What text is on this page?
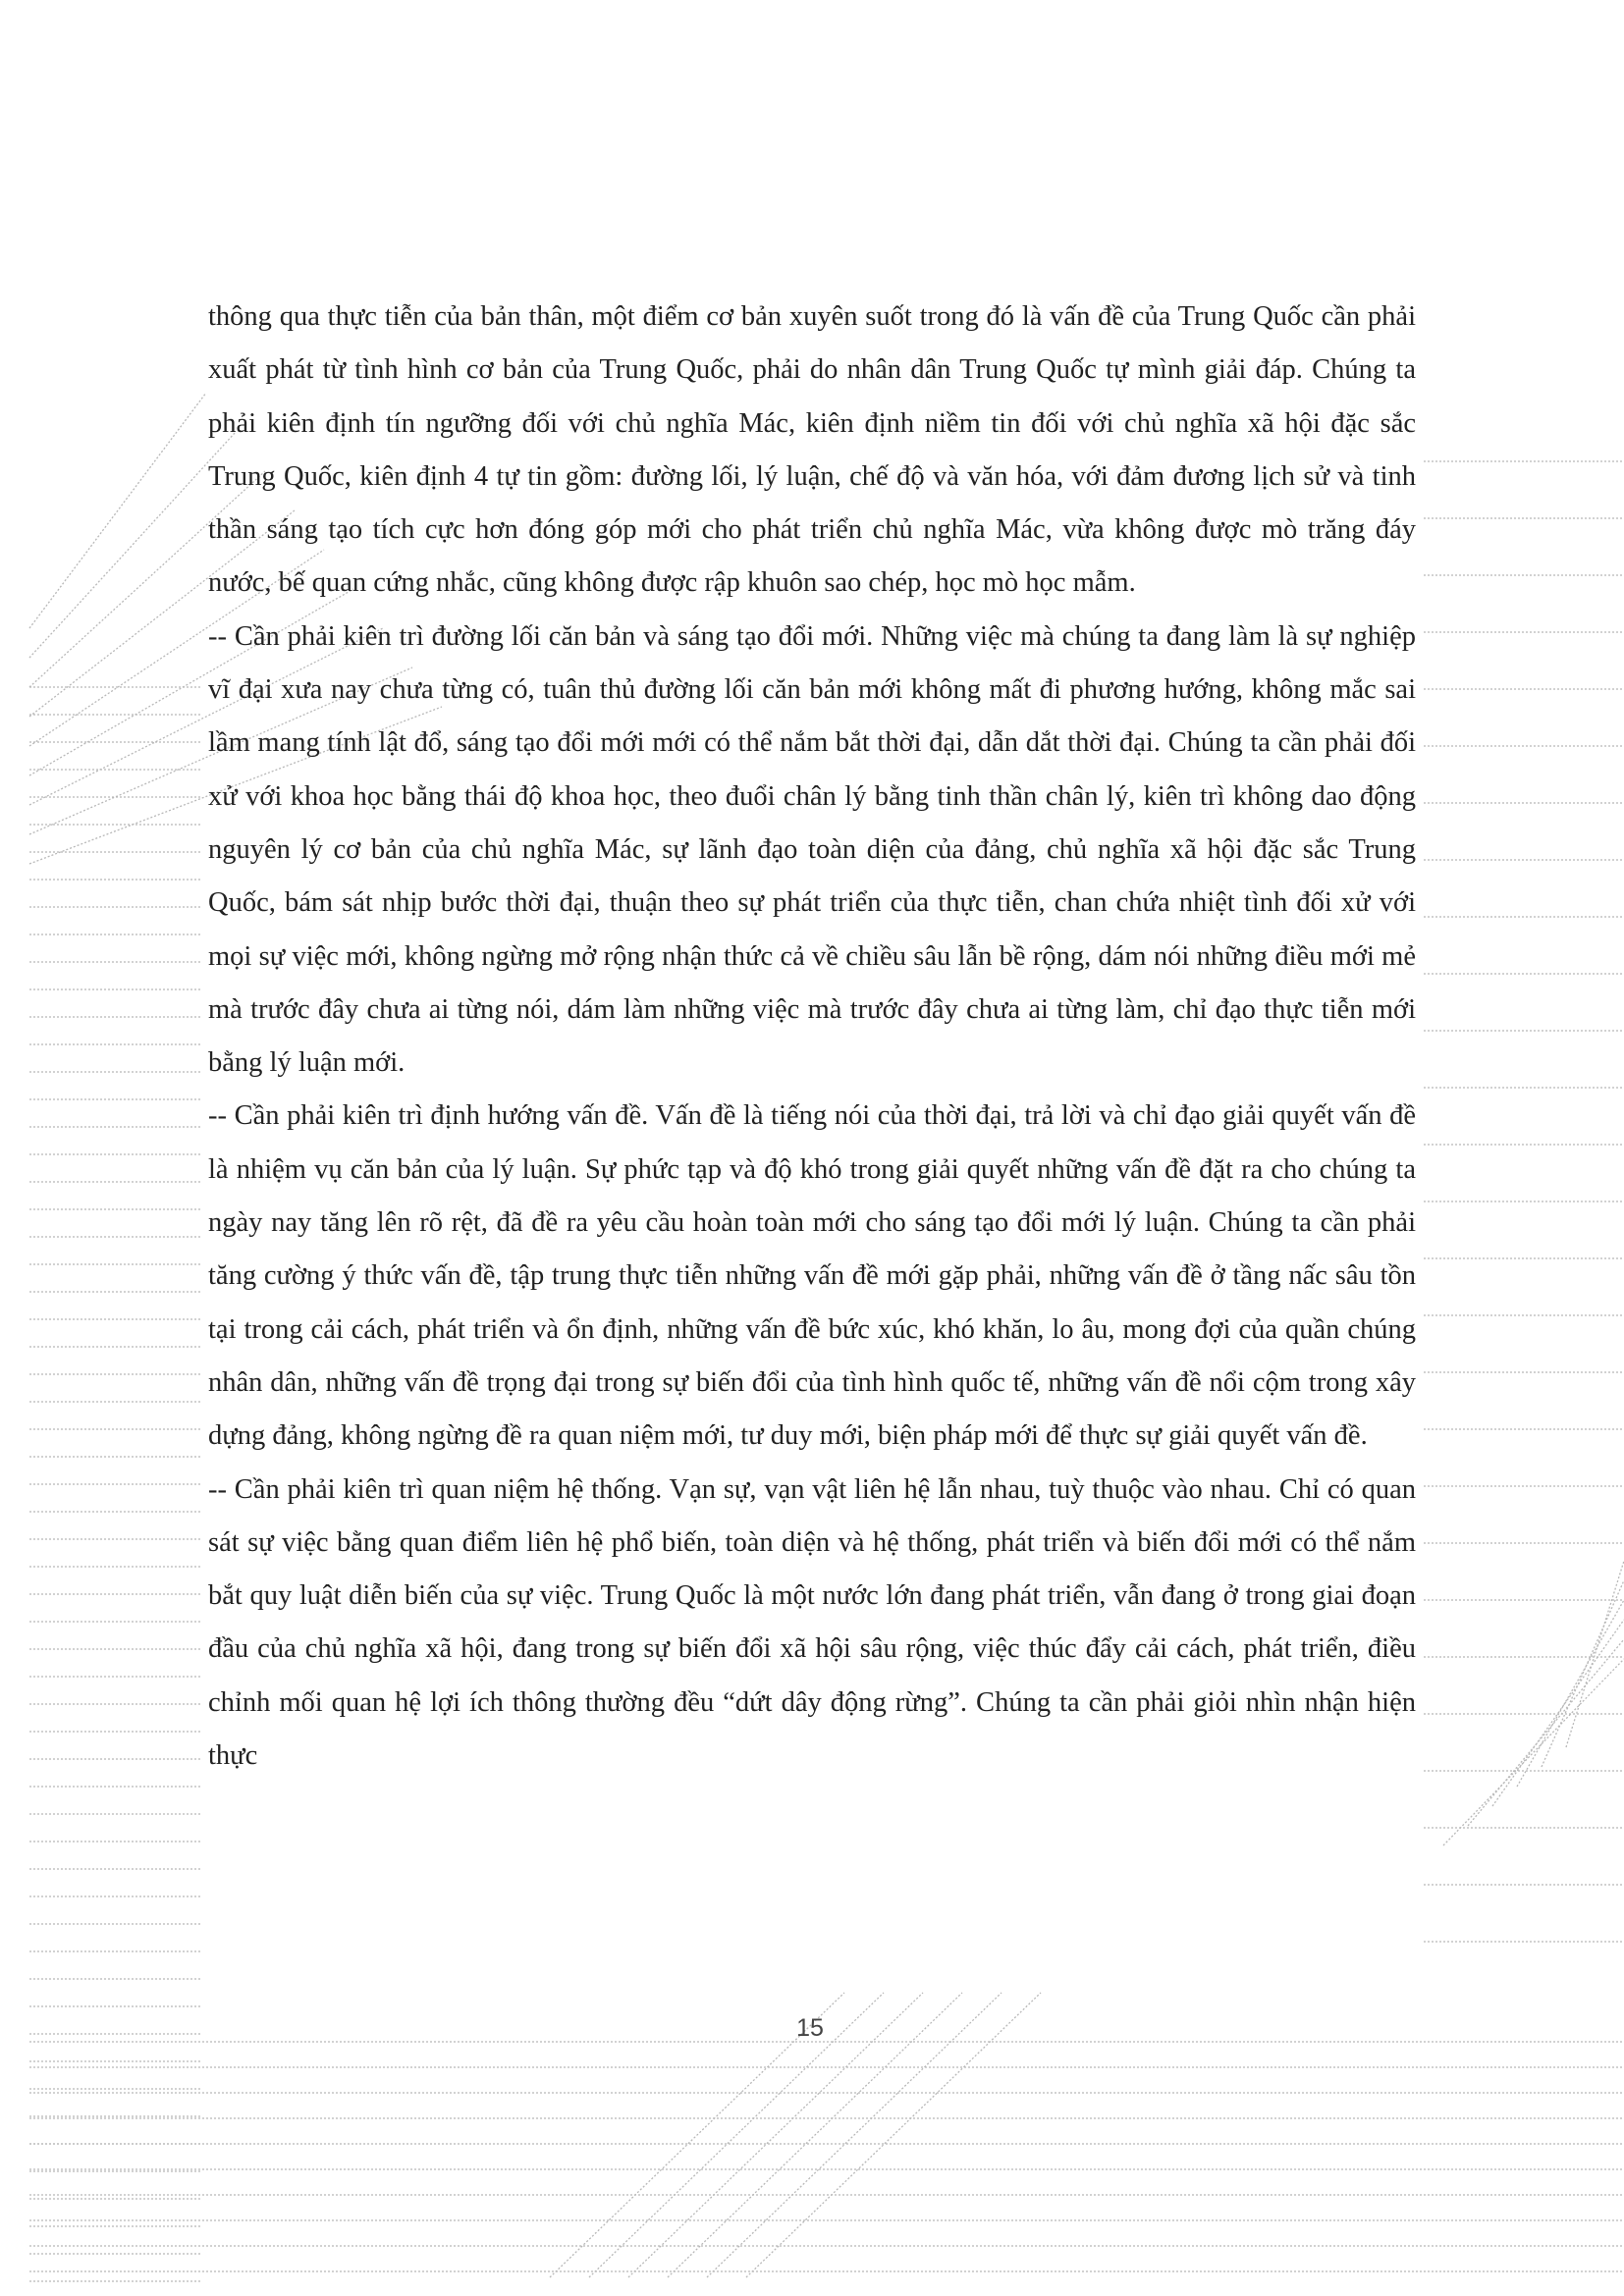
thông qua thực tiễn của bản thân, một điểm cơ bản xuyên suốt trong đó là vấn đề của Trung Quốc cần phải xuất phát từ tình hình cơ bản của Trung Quốc, phải do nhân dân Trung Quốc tự mình giải đáp. Chúng ta phải kiên định tín ngưỡng đối với chủ nghĩa Mác, kiên định niềm tin đối với chủ nghĩa xã hội đặc sắc Trung Quốc, kiên định 4 tự tin gồm: đường lối, lý luận, chế độ và văn hóa, với đảm đương lịch sử và tinh thần sáng tạo tích cực hơn đóng góp mới cho phát triển chủ nghĩa Mác, vừa không được mò trăng đáy nước, bế quan cứng nhắc, cũng không được rập khuôn sao chép, học mò học mẫm.

-- Cần phải kiên trì đường lối căn bản và sáng tạo đổi mới. Những việc mà chúng ta đang làm là sự nghiệp vĩ đại xưa nay chưa từng có, tuân thủ đường lối căn bản mới không mất đi phương hướng, không mắc sai lầm mang tính lật đổ, sáng tạo đổi mới mới có thể nắm bắt thời đại, dẫn dắt thời đại. Chúng ta cần phải đối xử với khoa học bằng thái độ khoa học, theo đuổi chân lý bằng tinh thần chân lý, kiên trì không dao động nguyên lý cơ bản của chủ nghĩa Mác, sự lãnh đạo toàn diện của đảng, chủ nghĩa xã hội đặc sắc Trung Quốc, bám sát nhịp bước thời đại, thuận theo sự phát triển của thực tiễn, chan chứa nhiệt tình đối xử với mọi sự việc mới, không ngừng mở rộng nhận thức cả về chiều sâu lẫn bề rộng, dám nói những điều mới mẻ mà trước đây chưa ai từng nói, dám làm những việc mà trước đây chưa ai từng làm, chỉ đạo thực tiễn mới bằng lý luận mới.

-- Cần phải kiên trì định hướng vấn đề. Vấn đề là tiếng nói của thời đại, trả lời và chỉ đạo giải quyết vấn đề là nhiệm vụ căn bản của lý luận. Sự phức tạp và độ khó trong giải quyết những vấn đề đặt ra cho chúng ta ngày nay tăng lên rõ rệt, đã đề ra yêu cầu hoàn toàn mới cho sáng tạo đổi mới lý luận. Chúng ta cần phải tăng cường ý thức vấn đề, tập trung thực tiễn những vấn đề mới gặp phải, những vấn đề ở tầng nấc sâu tồn tại trong cải cách, phát triển và ổn định, những vấn đề bức xúc, khó khăn, lo âu, mong đợi của quần chúng nhân dân, những vấn đề trọng đại trong sự biến đổi của tình hình quốc tế, những vấn đề nổi cộm trong xây dựng đảng, không ngừng đề ra quan niệm mới, tư duy mới, biện pháp mới để thực sự giải quyết vấn đề.

-- Cần phải kiên trì quan niệm hệ thống. Vạn sự, vạn vật liên hệ lẫn nhau, tuỳ thuộc vào nhau. Chỉ có quan sát sự việc bằng quan điểm liên hệ phổ biến, toàn diện và hệ thống, phát triển và biến đổi mới có thể nắm bắt quy luật diễn biến của sự việc. Trung Quốc là một nước lớn đang phát triển, vẫn đang ở trong giai đoạn đầu của chủ nghĩa xã hội, đang trong sự biến đổi xã hội sâu rộng, việc thúc đẩy cải cách, phát triển, điều chỉnh mối quan hệ lợi ích thông thường đều “dứt dây động rừng”. Chúng ta cần phải giỏi nhìn nhận hiện thực

15
